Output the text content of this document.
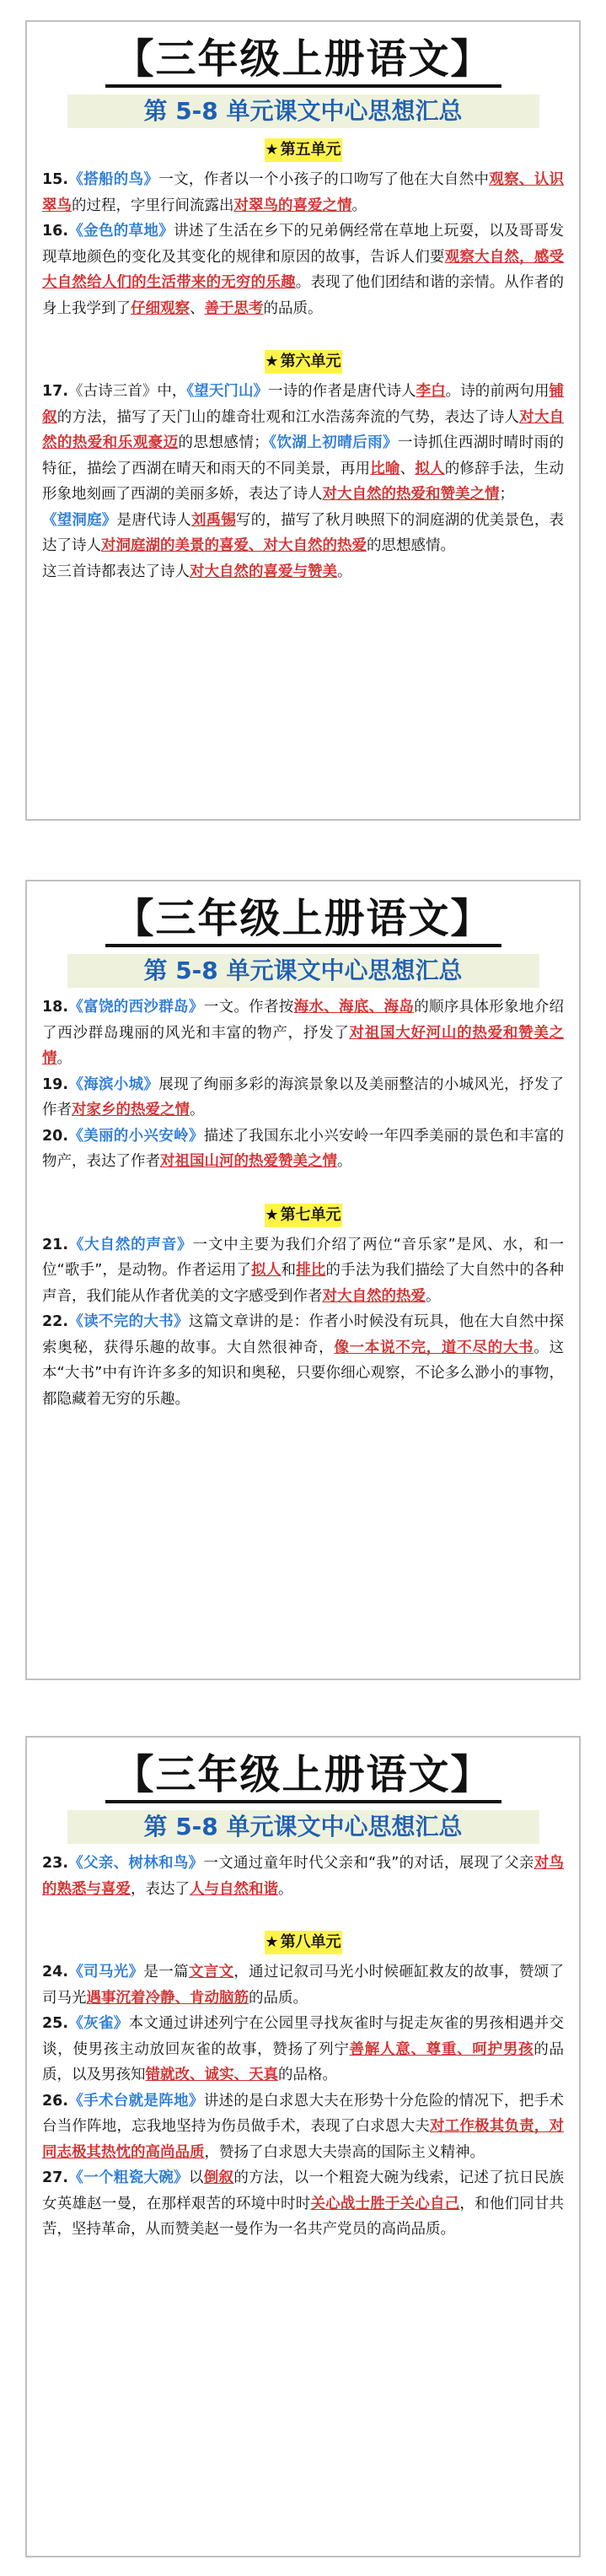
【三年级上册语文】
第 5-8 单元课文中心思想汇总
★ 第五单元
15.《搭船的鸟》一文，作者以一个小孩子的口吻写了他在大自然中观察、认识翠鸟的过程，字里行间流露出对翠鸟的喜爱之情。
16.《金色的草地》讲述了生活在乡下的兄弟俩经常在草地上玩耍，以及哥哥发现草地颜色的变化及其变化的规律和原因的故事，告诉人们要观察大自然，感受大自然给人们的生活带来的无穷的乐趣。表现了他们团结和谐的亲情。从作者的身上我学到了仔细观察、善于思考的品质。
★ 第六单元
17.《古诗三首》中，《望天门山》一诗的作者是唐代诗人李白。诗的前两句用铺叙的方法，描写了天门山的雄奇壮观和江水浩荡奔流的气势，表达了诗人对大自然的热爱和乐观豪迈的思想感情；《饮湖上初晴后雨》一诗抓住西湖时晴时雨的特征，描绘了西湖在晴天和雨天的不同美景，再用比喻、拟人的修辞手法，生动形象地刻画了西湖的美丽多娇，表达了诗人对大自然的热爱和赞美之情；
《望洞庭》是唐代诗人刘禹锡写的，描写了秋月映照下的洞庭湖的优美景色，表达了诗人对洞庭湖的美景的喜爱、对大自然的热爱的思想感情。
这三首诗都表达了诗人对大自然的喜爱与赞美。
【三年级上册语文】
第 5-8 单元课文中心思想汇总
18.《富饶的西沙群岛》一文。作者按海水、海底、海岛的顺序具体形象地介绍了西沙群岛瑰丽的风光和丰富的物产，抒发了对祖国大好河山的热爱和赞美之情。
19.《海滨小城》展现了绚丽多彩的海滨景象以及美丽整洁的小城风光，抒发了作者对家乡的热爱之情。
20.《美丽的小兴安岭》描述了我国东北小兴安岭一年四季美丽的景色和丰富的物产，表达了作者对祖国山河的热爱赞美之情。
★ 第七单元
21.《大自然的声音》一文中主要为我们介绍了两位“音乐家”是风、水，和一位“歌手”，是动物。作者运用了拟人和排比的手法为我们描绘了大自然中的各种声音，我们能从作者优美的文字感受到作者对大自然的热爱。
22.《读不完的大书》这篇文章讲的是：作者小时候没有玩具，他在大自然中探索奥秘，获得乐趣的故事。大自然很神奇，像一本说不完，道不尽的大书。这本“大书”中有许许多多的知识和奥秘，只要你细心观察，不论多么渺小的事物，都隐藏着无穷的乐趣。
【三年级上册语文】
第 5-8 单元课文中心思想汇总
23.《父亲、树林和鸟》一文通过童年时代父亲和“我”的对话，展现了父亲对鸟的熟悉与喜爱，表达了人与自然和谐。
★ 第八单元
24.《司马光》是一篇文言文，通过记叙司马光小时候砸缸救友的故事，赞颂了司马光遇事沉着冷静、肯动脑筋的品质。
25.《灰雀》本文通过讲述列宁在公园里寻找灰雀时与捉走灰雀的男孩相遇并交谈，使男孩主动放回灰雀的故事，赞扬了列宁善解人意、尊重、呵护男孩的品质，以及男孩知错就改、诚实、天真的品格。
26.《手术台就是阵地》讲述的是白求恩大夫在形势十分危险的情况下，把手术台当作阵地，忘我地坚持为伤员做手术，表现了白求恩大夫对工作极其负责，对同志极其热忱的高尚品质，赞扬了白求恩大夫崇高的国际主义精神。
27.《一个粗瓷大碗》以倒叙的方法，以一个粗瓷大碗为线索，记述了抗日民族女英雄赵一曼，在那样艰苦的环境中时时关心战士胜于关心自己，和他们同甘共苦，坚持革命，从而赞美赵一曼作为一名共产党员的高尚品质。
